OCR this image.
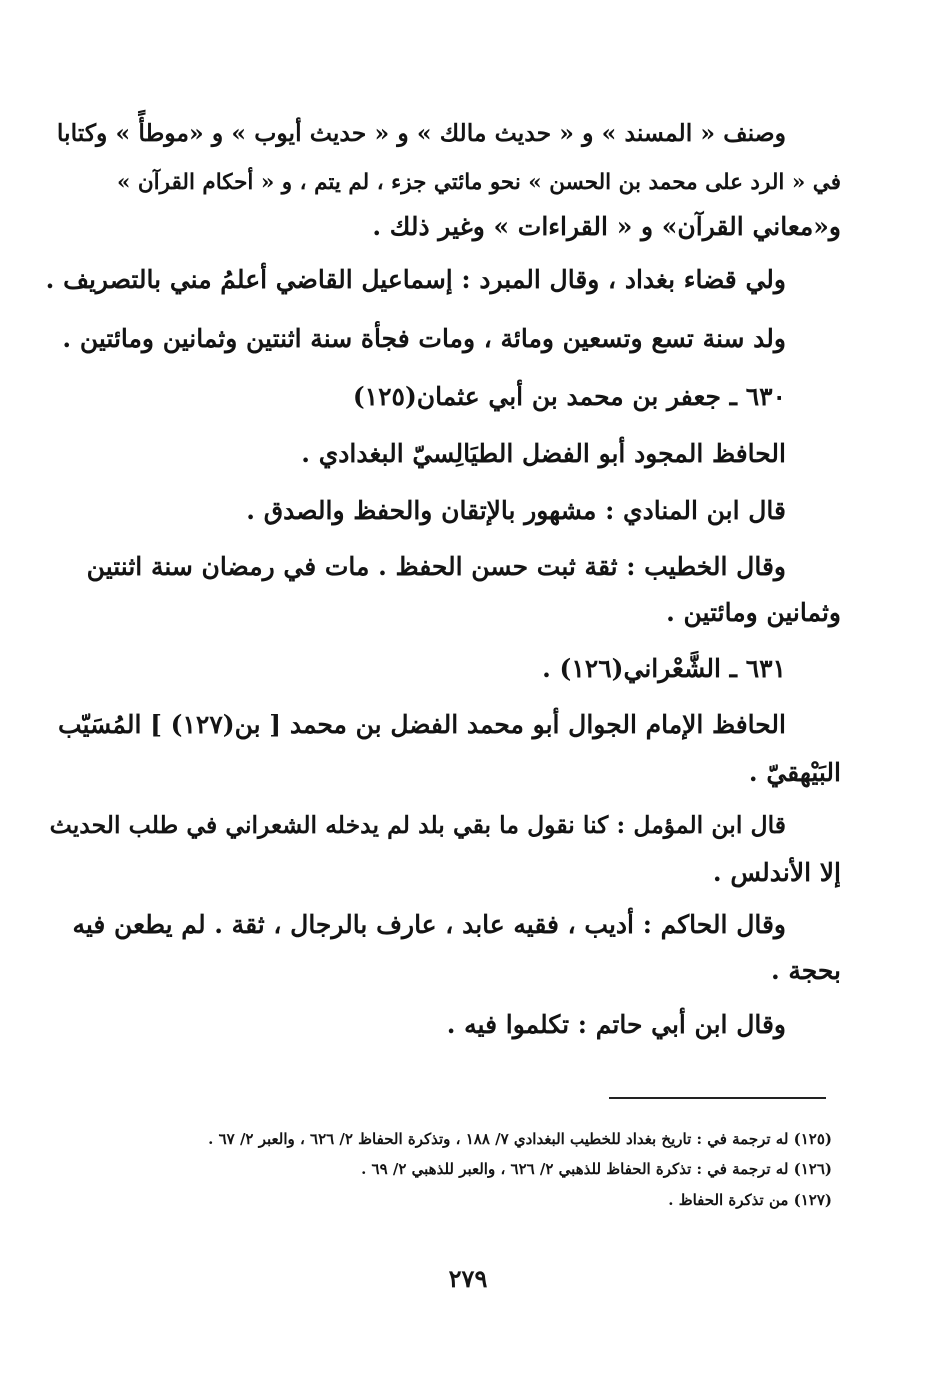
وصنف « المسند » و « حديث مالك » و « حديث أيوب » و «موطأً » وكتابا
في « الرد على محمد بن الحسن » نحو مائتي جزء ، لم يتم ، و « أحكام القرآن »
و«معاني القرآن» و « القراءات » وغير ذلك .
ولي قضاء بغداد ، وقال المبرد : إسماعيل القاضي أعلمُ مني بالتصريف .
ولد سنة تسع وتسعين ومائة ، ومات فجأة سنة اثنتين وثمانين ومائتين .
٦٣٠ ـ جعفر بن محمد بن أبي عثمان(١٢٥)
الحافظ المجود أبو الفضل الطيَالِسيّ البغدادي .
قال ابن المنادي : مشهور بالإتقان والحفظ والصدق .
وقال الخطيب : ثقة ثبت حسن الحفظ . مات في رمضان سنة اثنتين
وثمانين ومائتين .
٦٣١ ـ الشَّعْراني(١٢٦) .
الحافظ الإمام الجوال أبو محمد الفضل بن محمد [ بن(١٢٧) ] المُسَيّب
البَيْهقيّ .
قال ابن المؤمل : كنا نقول ما بقي بلد لم يدخله الشعراني في طلب الحديث
إلا الأندلس .
وقال الحاكم : أديب ، فقيه عابد ، عارف بالرجال ، ثقة . لم يطعن فيه
بحجة .
وقال ابن أبي حاتم : تكلموا فيه .
(١٢٥) له ترجمة في : تاريخ بغداد للخطيب البغدادي ٧/ ١٨٨ ، وتذكرة الحفاظ ٢/ ٦٢٦ ، والعبر ٢/ ٦٧ .
(١٢٦) له ترجمة في : تذكرة الحفاظ للذهبي ٢/ ٦٢٦ ، والعبر للذهبي ٢/ ٦٩ .
(١٢٧) من تذكرة الحفاظ .
٢٧٩
